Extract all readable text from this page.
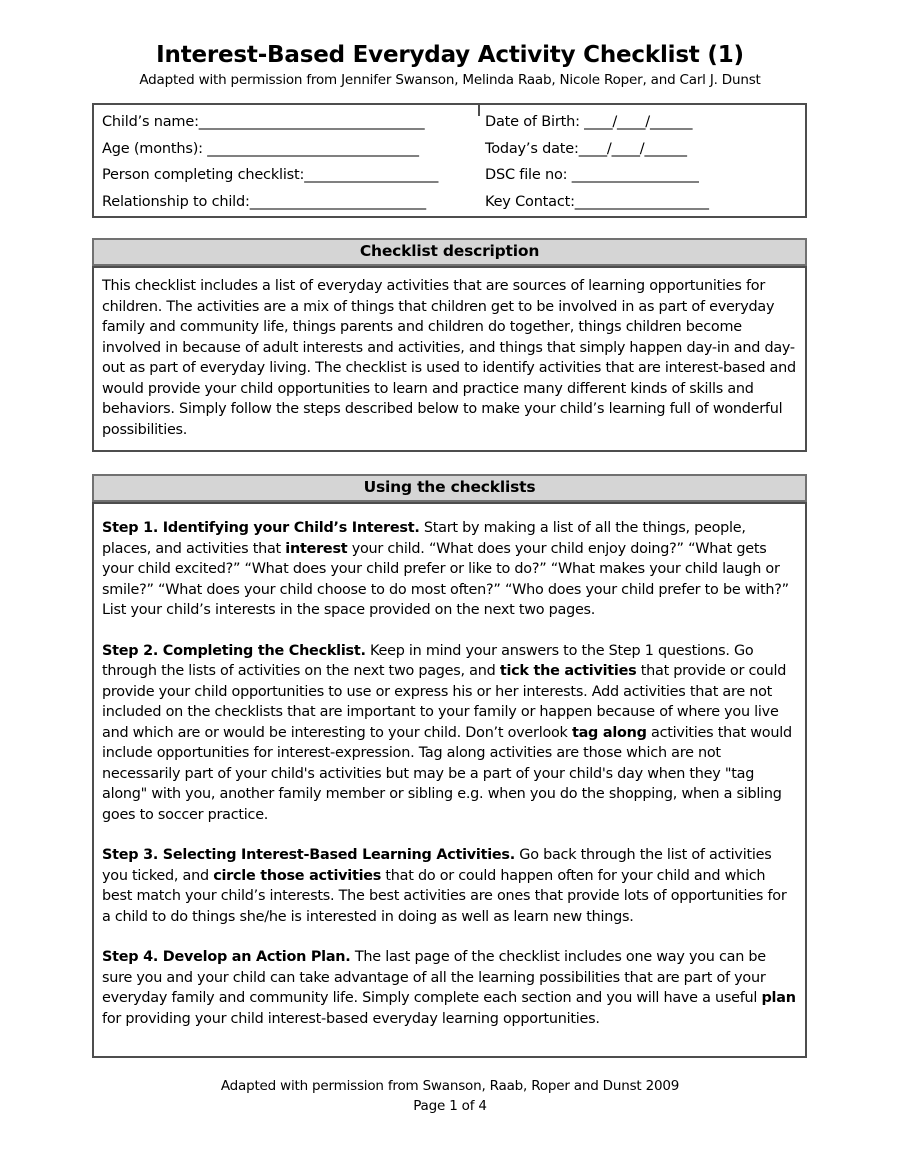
Interest-Based Everyday Activity Checklist (1)
Adapted with permission from Jennifer Swanson, Melinda Raab, Nicole Roper, and Carl J. Dunst
Child’s name:________________________________
Age (months): ______________________________
Person completing checklist:___________________
Relationship to child:_________________________
Date of Birth: ____/____/______
Today’s date:____/____/______
DSC file no: __________________
Key Contact:___________________
Checklist description

This checklist includes a list of everyday activities that are sources of learning opportunities for children. The activities are a mix of things that children get to be involved in as part of everyday family and community life, things parents and children do together, things children become involved in because of adult interests and activities, and things that simply happen day-in and day-out as part of everyday living. The checklist is used to identify activities that are interest-based and would provide your child opportunities to learn and practice many different kinds of skills and behaviors. Simply follow the steps described below to make your child’s learning full of wonderful possibilities.

Using the checklists

Step 1. Identifying your Child’s Interest. Start by making a list of all the things, people, places, and activities that interest your child. “What does your child enjoy doing?” “What gets your child excited?” “What does your child prefer or like to do?” “What makes your child laugh or smile?” “What does your child choose to do most often?” “Who does your child prefer to be with?” List your child’s interests in the space provided on the next two pages.

Step 2. Completing the Checklist. Keep in mind your answers to the Step 1 questions. Go through the lists of activities on the next two pages, and tick the activities that provide or could provide your child opportunities to use or express his or her interests. Add activities that are not included on the checklists that are important to your family or happen because of where you live and which are or would be interesting to your child. Don’t overlook tag along activities that would include opportunities for interest-expression. Tag along activities are those which are not necessarily part of your child's activities but may be a part of your child's day when they "tag along" with you, another family member or sibling e.g. when you do the shopping, when a sibling goes to soccer practice.

Step 3. Selecting Interest-Based Learning Activities. Go back through the list of activities you ticked, and circle those activities that do or could happen often for your child and which best match your child’s interests. The best activities are ones that provide lots of opportunities for a child to do things she/he is interested in doing as well as learn new things.

Step 4. Develop an Action Plan. The last page of the checklist includes one way you can be sure you and your child can take advantage of all the learning possibilities that are part of your everyday family and community life. Simply complete each section and you will have a useful plan for providing your child interest-based everyday learning opportunities.

Adapted with permission from Swanson, Raab, Roper and Dunst 2009
Page 1 of 4
